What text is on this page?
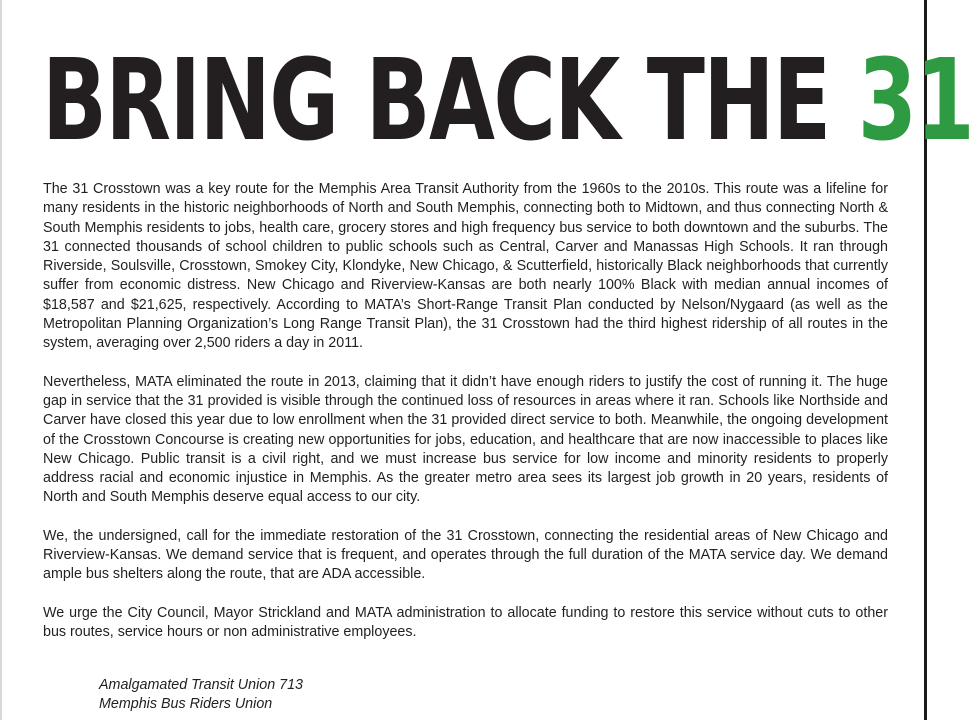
BRING BACK THE 31

The 31 Crosstown was a key route for the Memphis Area Transit Authority from the 1960s to the 2010s. This route was a lifeline for many residents in the historic neighborhoods of North and South Memphis, connecting both to Midtown, and thus connecting North & South Memphis residents to jobs, health care, grocery stores and high frequency bus service to both downtown and the suburbs. The 31 connected thousands of school children to public schools such as Central, Carver and Manassas High Schools. It ran through Riverside, Soulsville, Crosstown, Smokey City, Klondyke, New Chicago, & Scutterfield, historically Black neighborhoods that currently suffer from economic distress. New Chicago and Riverview-Kansas are both nearly 100% Black with median annual incomes of $18,587 and $21,625, respectively. According to MATA’s Short-Range Transit Plan conducted by Nelson/Nygaard (as well as the Metropolitan Planning Organization’s Long Range Transit Plan), the 31 Crosstown had the third highest ridership of all routes in the system, averaging over 2,500 riders a day in 2011.

Nevertheless, MATA eliminated the route in 2013, claiming that it didn’t have enough riders to justify the cost of running it. The huge gap in service that the 31 provided is visible through the continued loss of resources in areas where it ran. Schools like Northside and Carver have closed this year due to low enrollment when the 31 provided direct service to both. Meanwhile, the ongoing development of the Crosstown Concourse is creating new opportunities for jobs, education, and healthcare that are now inaccessible to places like New Chicago. Public transit is a civil right, and we must increase bus service for low income and minority residents to properly address racial and economic injustice in Memphis. As the greater metro area sees its largest job growth in 20 years, residents of North and South Memphis deserve equal access to our city.

We, the undersigned, call for the immediate restoration of the 31 Crosstown, connecting the residential areas of New Chicago and Riverview-Kansas. We demand service that is frequent, and operates through the full duration of the MATA service day. We demand ample bus shelters along the route, that are ADA accessible.

We urge the City Council, Mayor Strickland and MATA administration to allocate funding to restore this service without cuts to other bus routes, service hours or non administrative employees.

Amalgamated Transit Union 713
Memphis Bus Riders Union
